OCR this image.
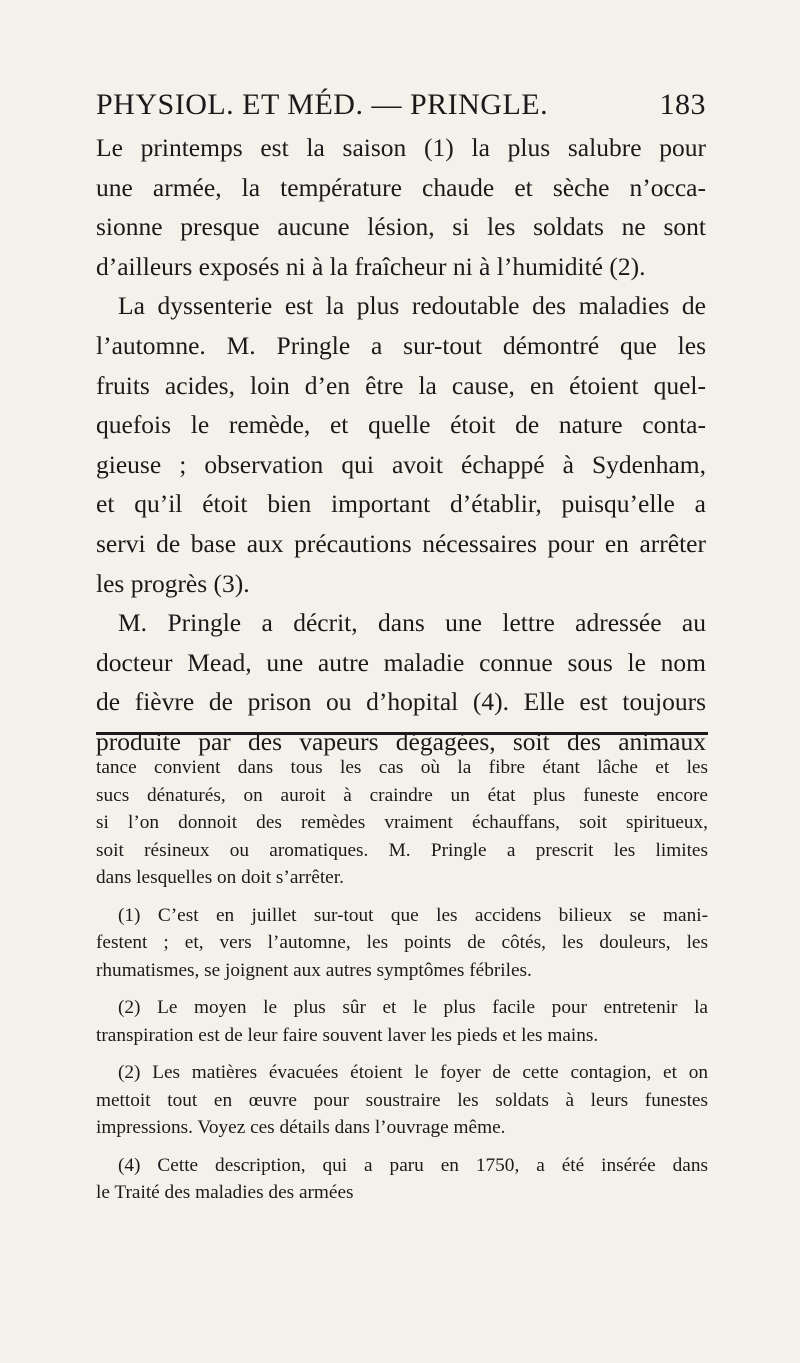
PHYSIOL. ET MÉD. — PRINGLE.	183
Le printemps est la saison (1) la plus salubre pour
une armée, la température chaude et sèche n’occa-
sionne presque aucune lésion, si les soldats ne sont
d’ailleurs exposés ni à la fraîcheur ni à l’humidité (2).
La dyssenterie est la plus redoutable des maladies de
l’automne. M. Pringle a sur-tout démontré que les
fruits acides, loin d’en être la cause, en étoient quel-
quefois le remède, et quelle étoit de nature conta-
gieuse ; observation qui avoit échappé à Sydenham,
et qu’il étoit bien important d’établir, puisqu’elle a
servi de base aux précautions nécessaires pour en arrêter
les progrès (3).
M. Pringle a décrit, dans une lettre adressée au
docteur Mead, une autre maladie connue sous le nom
de fièvre de prison ou d’hopital (4). Elle est toujours
produite par des vapeurs dégagées, soit des animaux
tance convient dans tous les cas où la fibre étant lâche et les
sucs dénaturés, on auroit à craindre un état plus funeste encore
si l’on donnoit des remèdes vraiment échauffans, soit spiritueux,
soit résineux ou aromatiques. M. Pringle a prescrit les limites
dans lesquelles on doit s’arrêter.
(1) C’est en juillet sur-tout que les accidens bilieux se mani-
festent ; et, vers l’automne, les points de côtés, les douleurs, les
rhumatismes, se joignent aux autres symptômes fébriles.
(2) Le moyen le plus sûr et le plus facile pour entretenir la
transpiration est de leur faire souvent laver les pieds et les mains.
(2) Les matières évacuées étoient le foyer de cette contagion, et on
mettoit tout en œuvre pour soustraire les soldats à leurs funestes
impressions. Voyez ces détails dans l’ouvrage même.
(4) Cette description, qui a paru en 1750, a été insérée dans
le Traité des maladies des armées
